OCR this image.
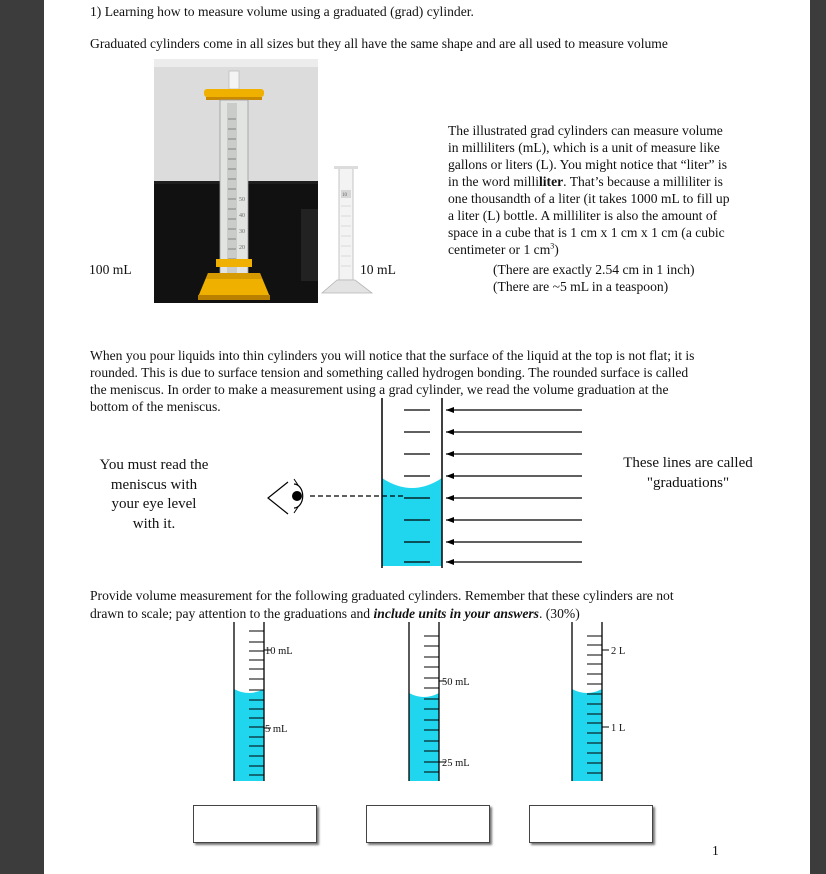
1) Learning how to measure volume using a graduated (grad) cylinder.
Graduated cylinders come in all sizes but they all have the same shape and are all used to measure volume
50
40
30
20
10
100 mL	10 mL

The illustrated grad cylinders can measure volume

in milliliters (mL), which is a unit of measure like

gallons or liters (L). You might notice that “liter” is

in the word milliliter. That’s because a milliliter is

one thousandth of a liter (it takes 1000 mL to fill up

a liter (L) bottle. A milliliter is also the amount of

space in a cube that is 1 cm x 1 cm x 1 cm (a cubic

centimeter or 1 $cm^3$)

(There are exactly 2.54 cm in 1 inch)
(There are ~5 mL in a teaspoon)

When you pour liquids into thin cylinders you will notice that the surface of the liquid at the top is not flat; it is

rounded. This is due to surface tension and something called hydrogen bonding. The rounded surface is called

the meniscus. In order to make a measurement using a grad cylinder, we read the volume graduation at the

bottom of the meniscus.

You must read the
meniscus with
your eye level
with it.
These lines are called
"graduations"
Provide volume measurement for the following graduated cylinders. Remember that these cylinders are not
drawn to scale; pay attention to the graduations and include units in your answers. (30%)
10 mL
5 mL
50 mL
25 mL
2 L
1 L
1
